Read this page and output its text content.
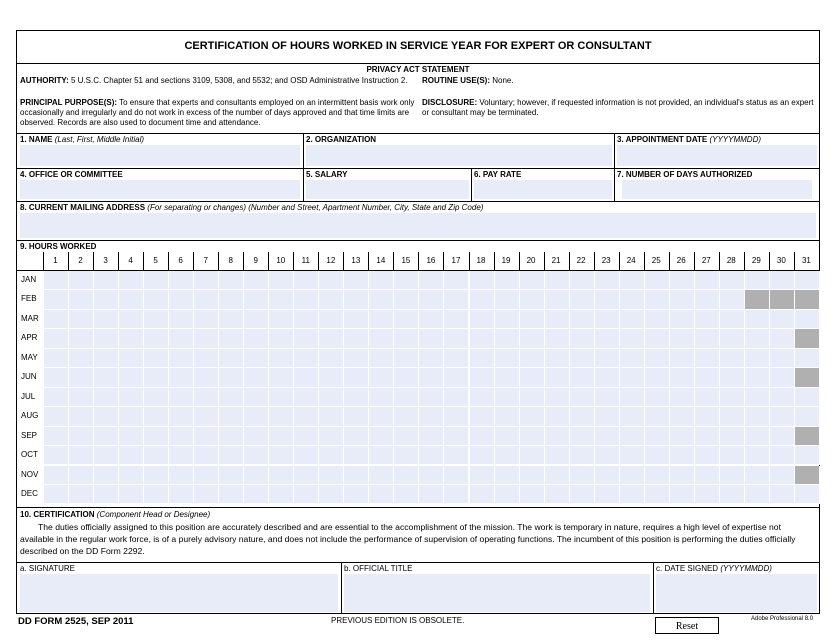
CERTIFICATION OF HOURS WORKED IN SERVICE YEAR FOR EXPERT OR CONSULTANT
PRIVACY ACT STATEMENT
AUTHORITY: 5 U.S.C. Chapter 51 and sections 3109, 5308, and 5532; and OSD Administrative Instruction 2.
PRINCIPAL PURPOSE(S): To ensure that experts and consultants employed on an intermittent basis work only occasionally and irregularly and do not work in excess of the number of days approved and that time limits are observed. Records are also used to document time and attendance.
ROUTINE USE(S): None.
DISCLOSURE: Voluntary; however, if requested information is not provided, an individual's status as an expert or consultant may be terminated.
1. NAME (Last, First, Middle Initial)	2. ORGANIZATION	3. APPOINTMENT DATE (YYYYMMDD)
4. OFFICE OR COMMITTEE	5. SALARY	6. PAY RATE	7. NUMBER OF DAYS AUTHORIZED
8. CURRENT MAILING ADDRESS (For separating or changes) (Number and Street, Apartment Number, City, State and Zip Code)
9. HOURS WORKED
1	2	3	4	5	6	7	8	9	10	11	12	13	14	15	16	17	18	19	20	21	22	23	24	25	26	27	28	29	30	31
JAN
FEB
MAR
APR
MAY
JUN
JUL
AUG
SEP
OCT
NOV
DEC
10. CERTIFICATION (Component Head or Designee)
The duties officially assigned to this position are accurately described and are essential to the accomplishment of the mission. The work is temporary in nature, requires a high level of expertise not available in the regular work force, is of a purely advisory nature, and does not include the performance of supervision of operating functions. The incumbent of this position is performing the duties officially described on the DD Form 2292.
a. SIGNATURE	b. OFFICIAL TITLE	c. DATE SIGNED (YYYYMMDD)
DD FORM 2525, SEP 2011	PREVIOUS EDITION IS OBSOLETE.
Reset
Adobe Professional 8.0
